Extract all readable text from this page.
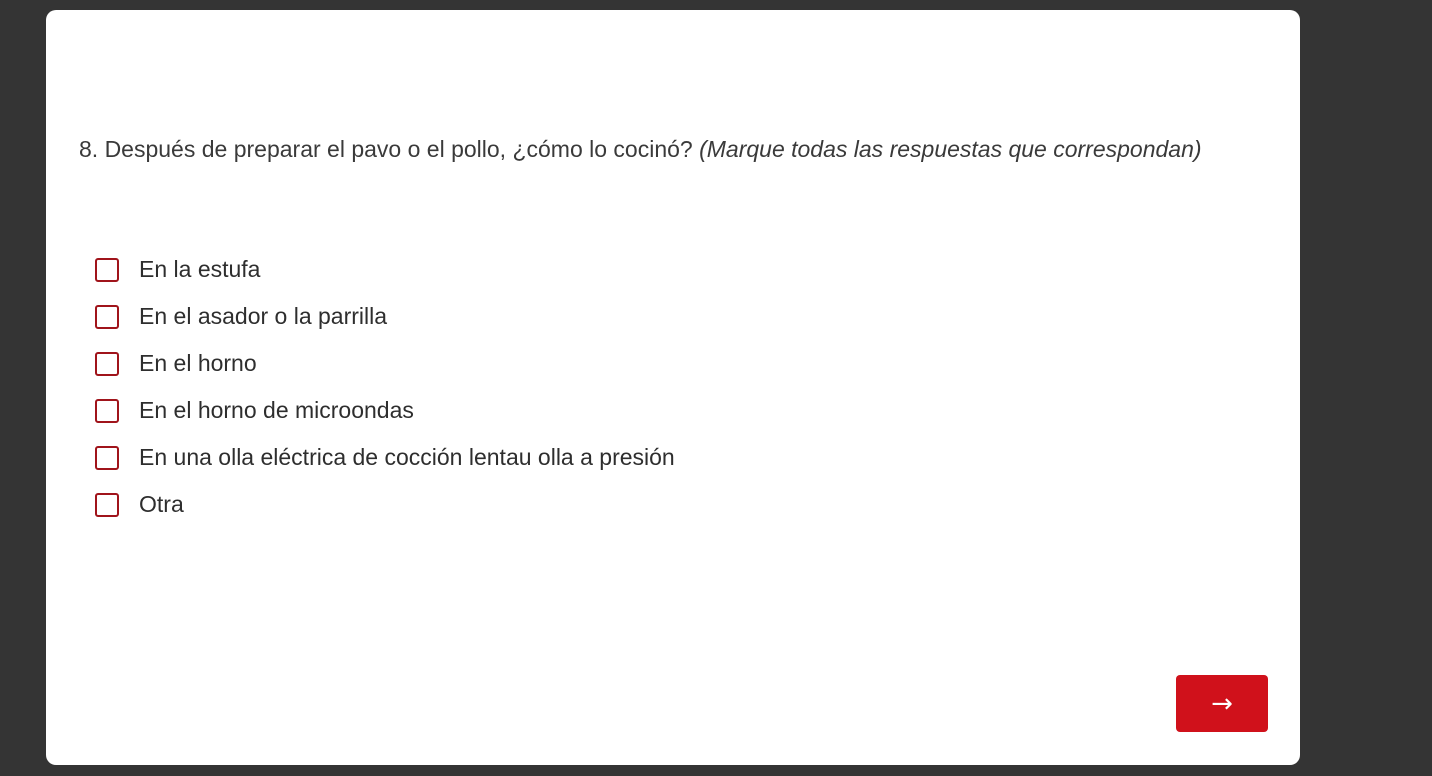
8. Después de preparar el pavo o el pollo, ¿cómo lo cocinó? (Marque todas las respuestas que correspondan)

En la estufa
En el asador o la parrilla
En el horno
En el horno de microondas
En una olla eléctrica de cocción lentau olla a presión
Otra
→
